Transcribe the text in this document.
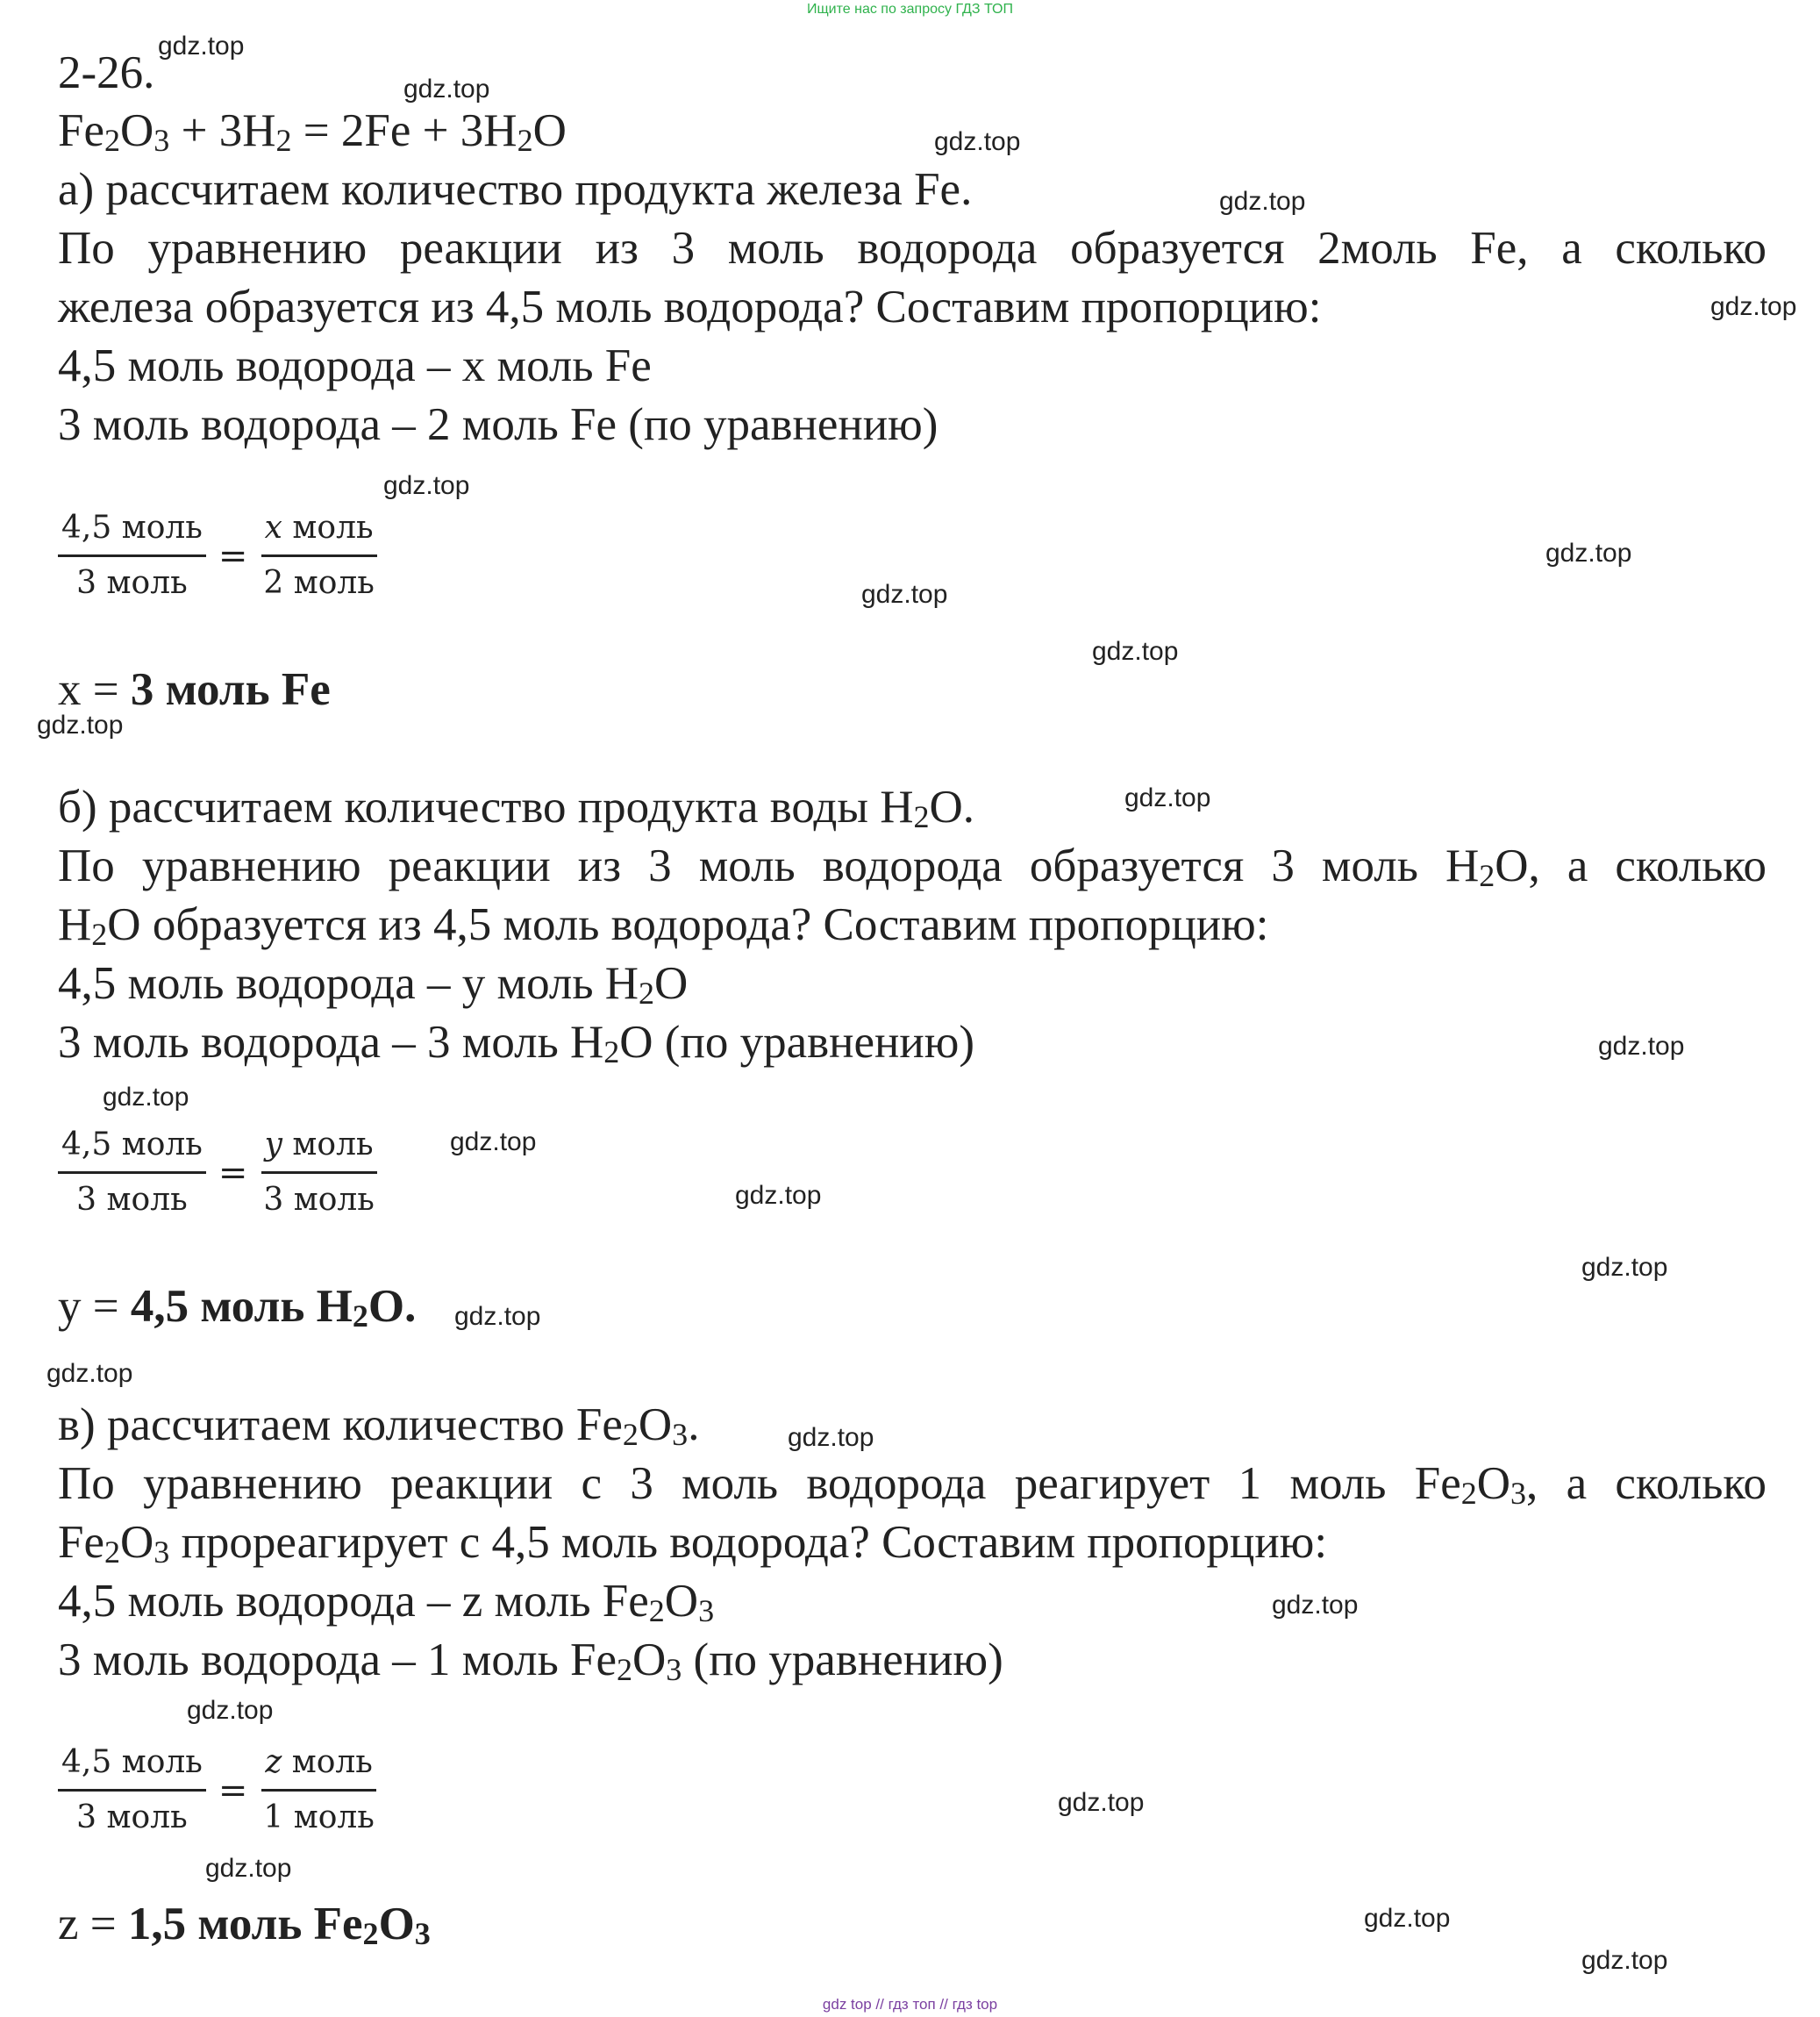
Ищите нас по запросу ГДЗ ТОП
2-26.
$Fe_2O_3 + 3H_2 = 2Fe + 3H_2O$
а) рассчитаем количество продукта железа Fe.
По уравнению реакции из 3 моль водорода образуется 2моль Fe, а сколько
железа образуется из 4,5 моль водорода? Составим пропорцию:
4,5 моль водорода – х моль Fe
3 моль водорода – 2 моль Fe (по уравнению)
$\frac{\text{4,5 моль}}{\text{3 моль}} = \frac{\text{x моль}}{\text{2 моль}}$
х = 3 моль Fe
б) рассчитаем количество продукта воды $H_2O$.
По уравнению реакции из 3 моль водорода образуется 3 моль $H_2O$, а сколько
$H_2O$ образуется из 4,5 моль водорода? Составим пропорцию:
4,5 моль водорода – у моль $H_2O$
3 моль водорода – 3 моль $H_2O$ (по уравнению)
$\frac{\text{4,5 моль}}{\text{3 моль}} = \frac{\text{y моль}}{\text{3 моль}}$
у = 4,5 моль $H_2O$.
в) рассчитаем количество $Fe_2O_3$.
По уравнению реакции с 3 моль водорода реагирует 1 моль $Fe_2O_3$, а сколько
$Fe_2O_3$ прореагирует с 4,5 моль водорода? Составим пропорцию:
4,5 моль водорода – z моль $Fe_2O_3$
3 моль водорода – 1 моль $Fe_2O_3$ (по уравнению)
$\frac{\text{4,5 моль}}{\text{3 моль}} = \frac{\text{z моль}}{\text{1 моль}}$
z = 1,5 моль $Fe_2O_3$
gdz.top
gdz.top
gdz.top
gdz.top
gdz.top
gdz.top
gdz.top
gdz.top
gdz.top
gdz.top
gdz.top
gdz.top
gdz.top
gdz.top
gdz.top
gdz.top
gdz.top
gdz.top
gdz.top
gdz.top
gdz.top
gdz.top
gdz.top
gdz.top
gdz.top
gdz top // гдз топ // гдз top
